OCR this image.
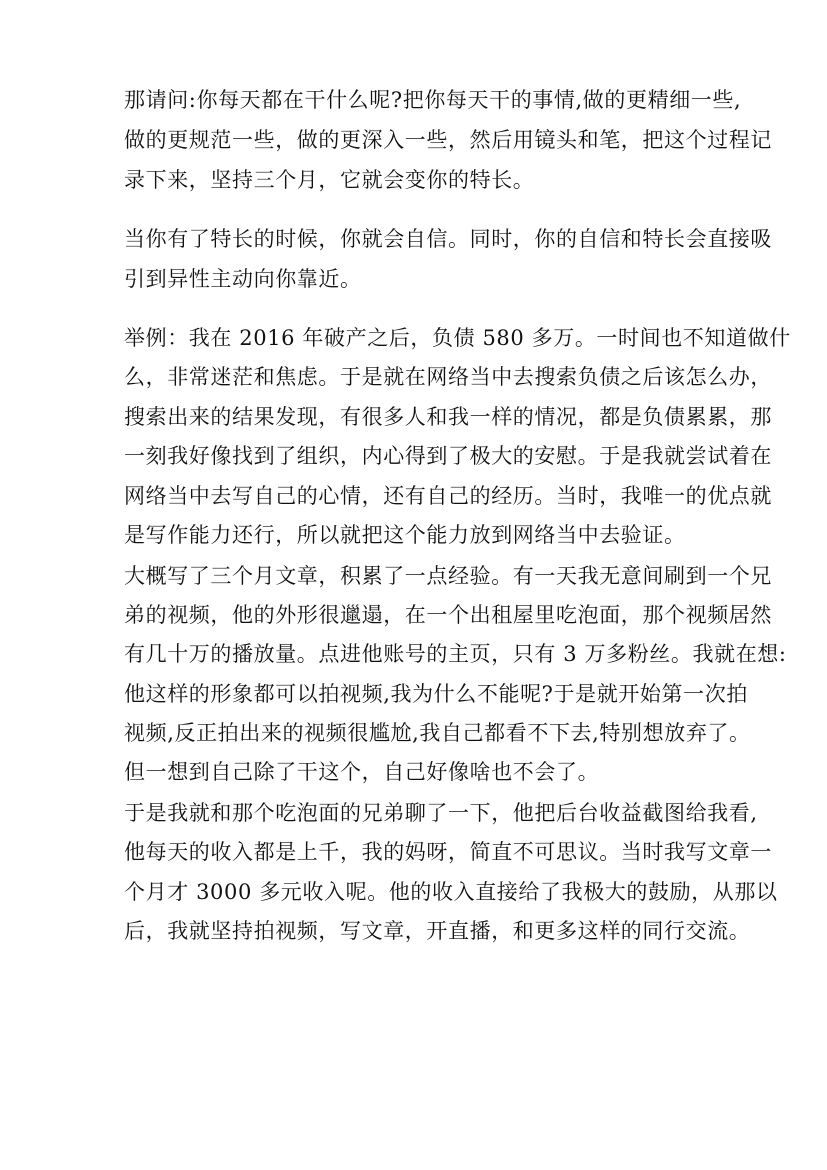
那请问:你每天都在干什么呢?把你每天干的事情,做的更精细一些,
做的更规范一些，做的更深入一些，然后用镜头和笔，把这个过程记
录下来，坚持三个月，它就会变你的特长。
当你有了特长的时候，你就会自信。同时，你的自信和特长会直接吸
引到异性主动向你靠近。
举例：我在 2016 年破产之后，负债 580 多万。一时间也不知道做什
么，非常迷茫和焦虑。于是就在网络当中去搜索负债之后该怎么办，
搜索出来的结果发现，有很多人和我一样的情况，都是负债累累，那
一刻我好像找到了组织，内心得到了极大的安慰。于是我就尝试着在
网络当中去写自己的心情，还有自己的经历。当时，我唯一的优点就
是写作能力还行，所以就把这个能力放到网络当中去验证。
大概写了三个月文章，积累了一点经验。有一天我无意间刷到一个兄
弟的视频，他的外形很邋遢，在一个出租屋里吃泡面，那个视频居然
有几十万的播放量。点进他账号的主页，只有 3 万多粉丝。我就在想:
他这样的形象都可以拍视频,我为什么不能呢?于是就开始第一次拍
视频,反正拍出来的视频很尴尬,我自己都看不下去,特别想放弃了。
但一想到自己除了干这个，自己好像啥也不会了。
于是我就和那个吃泡面的兄弟聊了一下，他把后台收益截图给我看,
他每天的收入都是上千，我的妈呀，简直不可思议。当时我写文章一
个月才 3000 多元收入呢。他的收入直接给了我极大的鼓励，从那以
后，我就坚持拍视频，写文章，开直播，和更多这样的同行交流。
